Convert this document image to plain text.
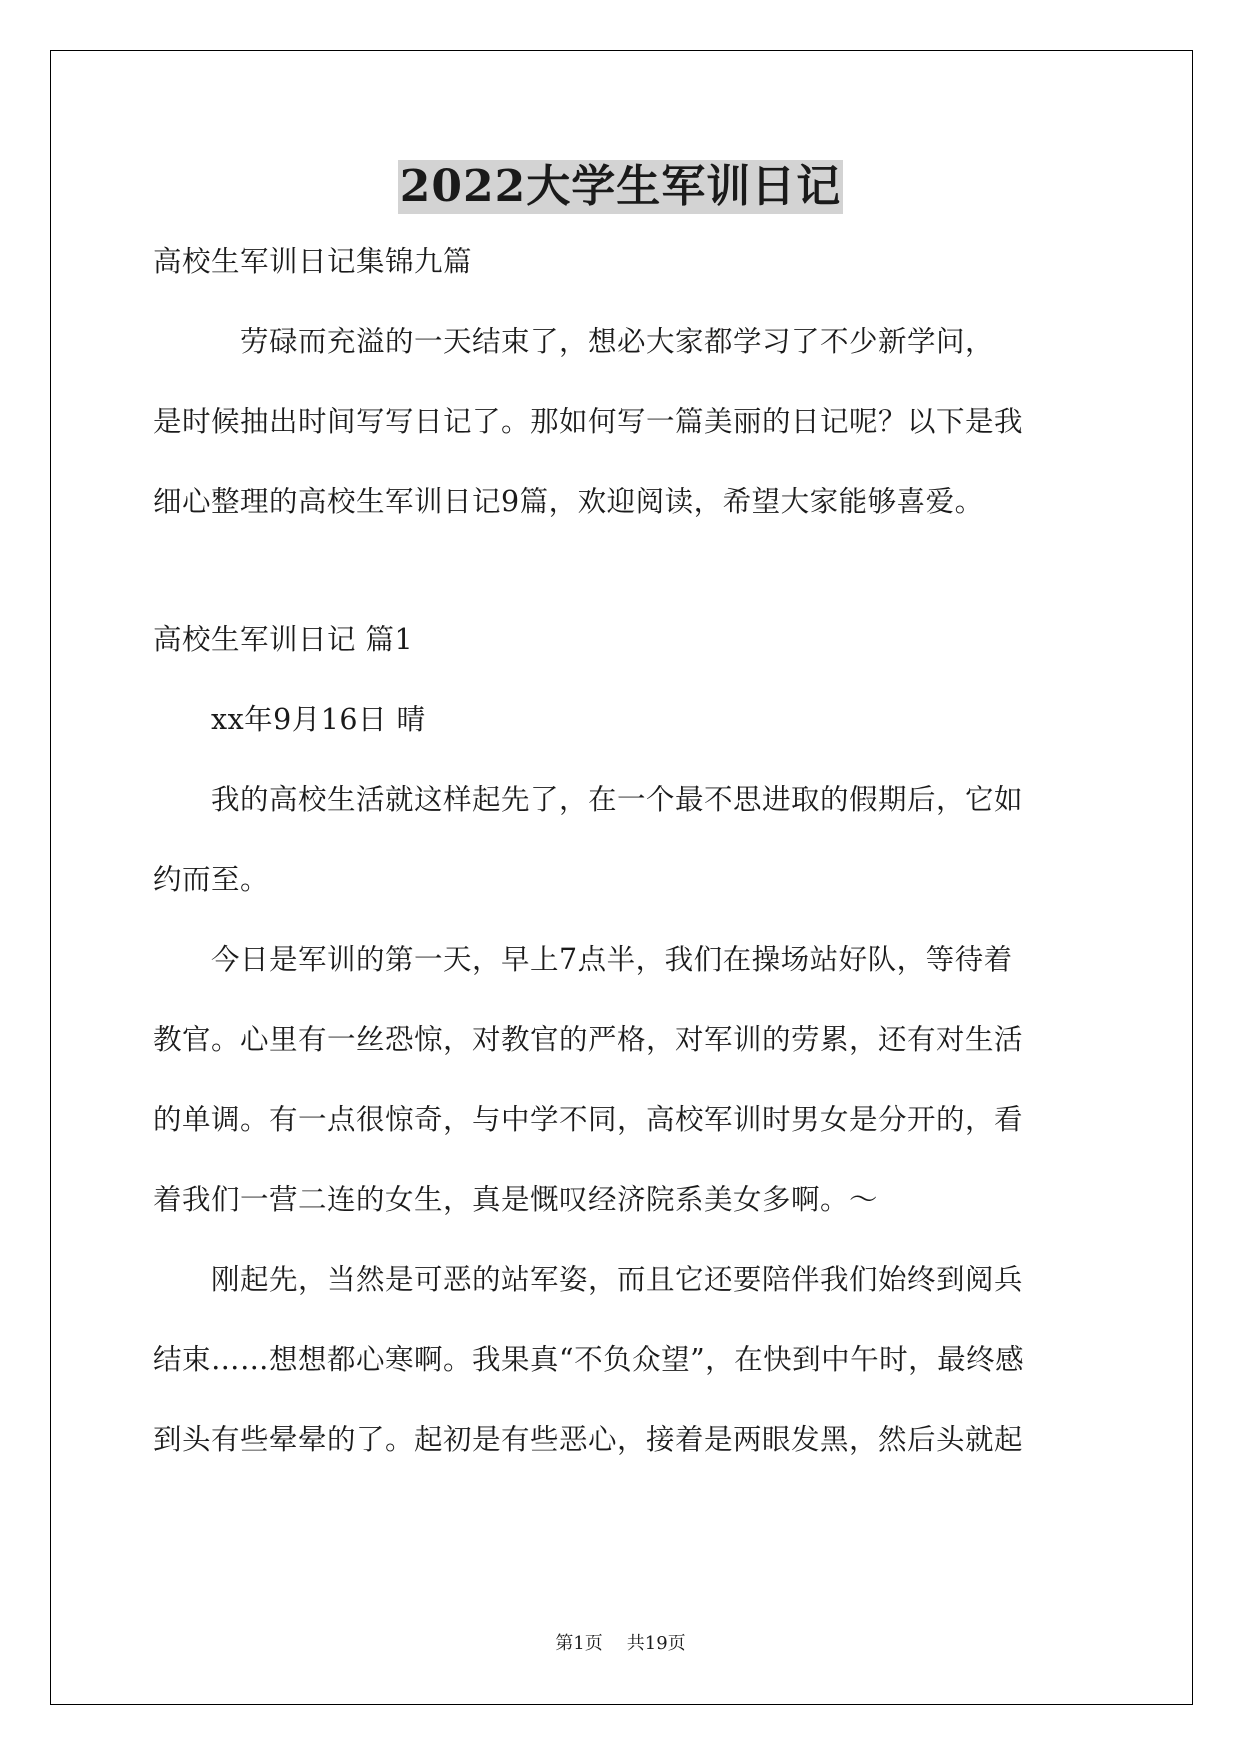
2022大学生军训日记
高校生军训日记集锦九篇
　　　劳碌而充溢的一天结束了，想必大家都学习了不少新学问，
是时候抽出时间写写日记了。那如何写一篇美丽的日记呢？以下是我
细心整理的高校生军训日记9篇，欢迎阅读，希望大家能够喜爱。
高校生军训日记 篇1
　　xx年9月16日 晴
　　我的高校生活就这样起先了，在一个最不思进取的假期后，它如
约而至。
　　今日是军训的第一天，早上7点半，我们在操场站好队，等待着
教官。心里有一丝恐惊，对教官的严格，对军训的劳累，还有对生活
的单调。有一点很惊奇，与中学不同，高校军训时男女是分开的，看
着我们一营二连的女生，真是慨叹经济院系美女多啊。～
　　刚起先，当然是可恶的站军姿，而且它还要陪伴我们始终到阅兵
结束……想想都心寒啊。我果真“不负众望”，在快到中午时，最终感
到头有些晕晕的了。起初是有些恶心，接着是两眼发黑，然后头就起
第1页 共19页
